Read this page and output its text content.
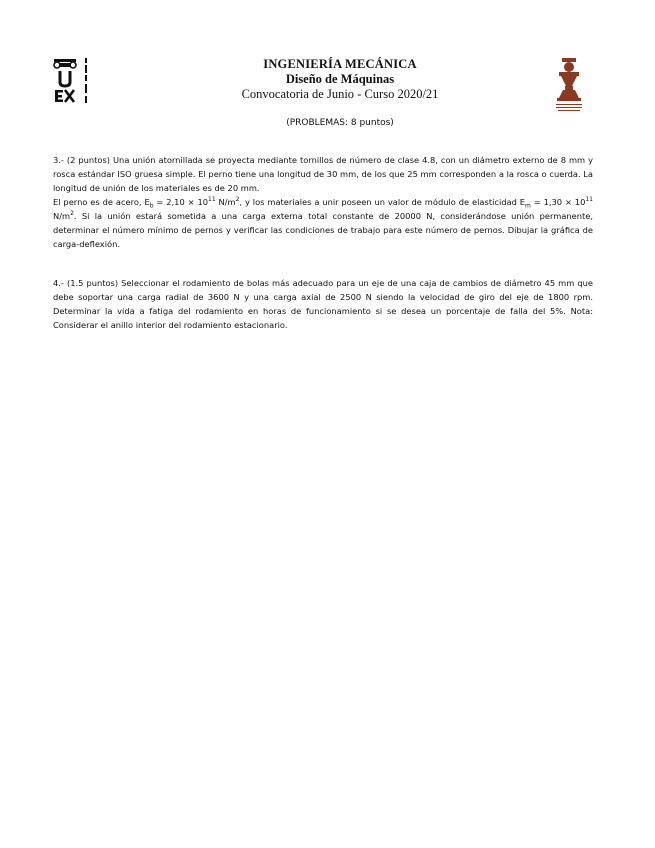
INGENIERÍA MECÁNICA
Diseño de Máquinas
Convocatoria de Junio - Curso 2020/21
(PROBLEMAS: 8 puntos)

3.- (2 puntos) Una unión atornillada se proyecta mediante tornillos de número de clase 4.8, con un diámetro externo de 8 mm y rosca estándar ISO gruesa simple. El perno tiene una longitud de 30 mm, de los que 25 mm corresponden a la rosca o cuerda. La longitud de unión de los materiales es de 20 mm.

El perno es de acero, $E_b = 2,10 \times 10^{11}$ $N/m^2$, y los materiales a unir poseen un valor de módulo de elasticidad $E_m = 1,30 \times 10^{11}$ $N/m^2$. Si la unión estará sometida a una carga externa total constante de 20000 N, considerándose unión permanente, determinar el número mínimo de pernos y verificar las condiciones de trabajo para este número de pernos. Dibujar la gráfica de carga-deflexión.

4.- (1.5 puntos) Seleccionar el rodamiento de bolas más adecuado para un eje de una caja de cambios de diámetro 45 mm que debe soportar una carga radial de 3600 N y una carga axial de 2500 N siendo la velocidad de giro del eje de 1800 rpm. Determinar la vida a fatiga del rodamiento en horas de funcionamiento si se desea un porcentaje de falla del 5%. Nota: Considerar el anillo interior del rodamiento estacionario.
